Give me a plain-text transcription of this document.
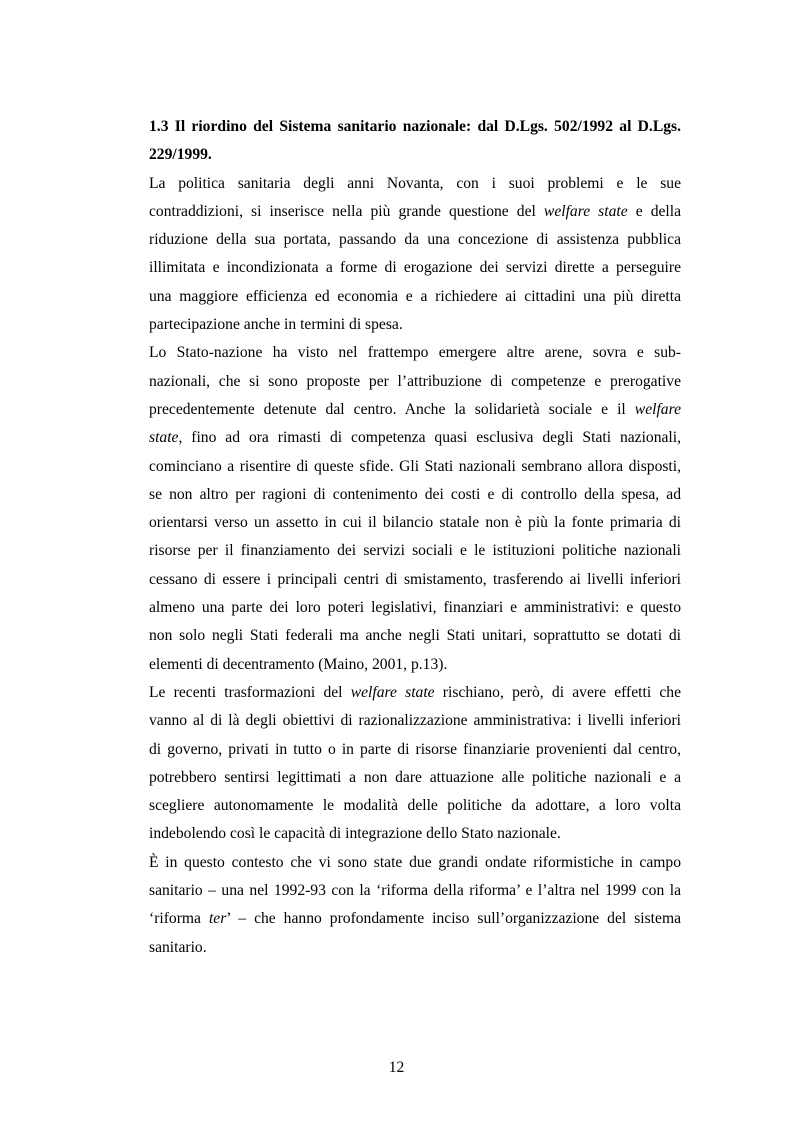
1.3 Il riordino del Sistema sanitario nazionale: dal D.Lgs. 502/1992 al D.Lgs.
229/1999.
La politica sanitaria degli anni Novanta, con i suoi problemi e le sue
contraddizioni, si inserisce nella più grande questione del welfare state e della
riduzione della sua portata, passando da una concezione di assistenza pubblica
illimitata e incondizionata a forme di erogazione dei servizi dirette a perseguire
una maggiore efficienza ed economia e a richiedere ai cittadini una più diretta
partecipazione anche in termini di spesa.
Lo Stato-nazione ha visto nel frattempo emergere altre arene, sovra e sub-
nazionali, che si sono proposte per l’attribuzione di competenze e prerogative
precedentemente detenute dal centro. Anche la solidarietà sociale e il welfare
state, fino ad ora rimasti di competenza quasi esclusiva degli Stati nazionali,
cominciano a risentire di queste sfide. Gli Stati nazionali sembrano allora disposti,
se non altro per ragioni di contenimento dei costi e di controllo della spesa, ad
orientarsi verso un assetto in cui il bilancio statale non è più la fonte primaria di
risorse per il finanziamento dei servizi sociali e le istituzioni politiche nazionali
cessano di essere i principali centri di smistamento, trasferendo ai livelli inferiori
almeno una parte dei loro poteri legislativi, finanziari e amministrativi: e questo
non solo negli Stati federali ma anche negli Stati unitari, soprattutto se dotati di
elementi di decentramento (Maino, 2001, p.13).
Le recenti trasformazioni del welfare state rischiano, però, di avere effetti che
vanno al di là degli obiettivi di razionalizzazione amministrativa: i livelli inferiori
di governo, privati in tutto o in parte di risorse finanziarie provenienti dal centro,
potrebbero sentirsi legittimati a non dare attuazione alle politiche nazionali e a
scegliere autonomamente le modalità delle politiche da adottare, a loro volta
indebolendo così le capacità di integrazione dello Stato nazionale.
È in questo contesto che vi sono state due grandi ondate riformistiche in campo
sanitario – una nel 1992-93 con la ‘riforma della riforma’ e l’altra nel 1999 con la
‘riforma ter’ – che hanno profondamente inciso sull’organizzazione del sistema
sanitario.
12
